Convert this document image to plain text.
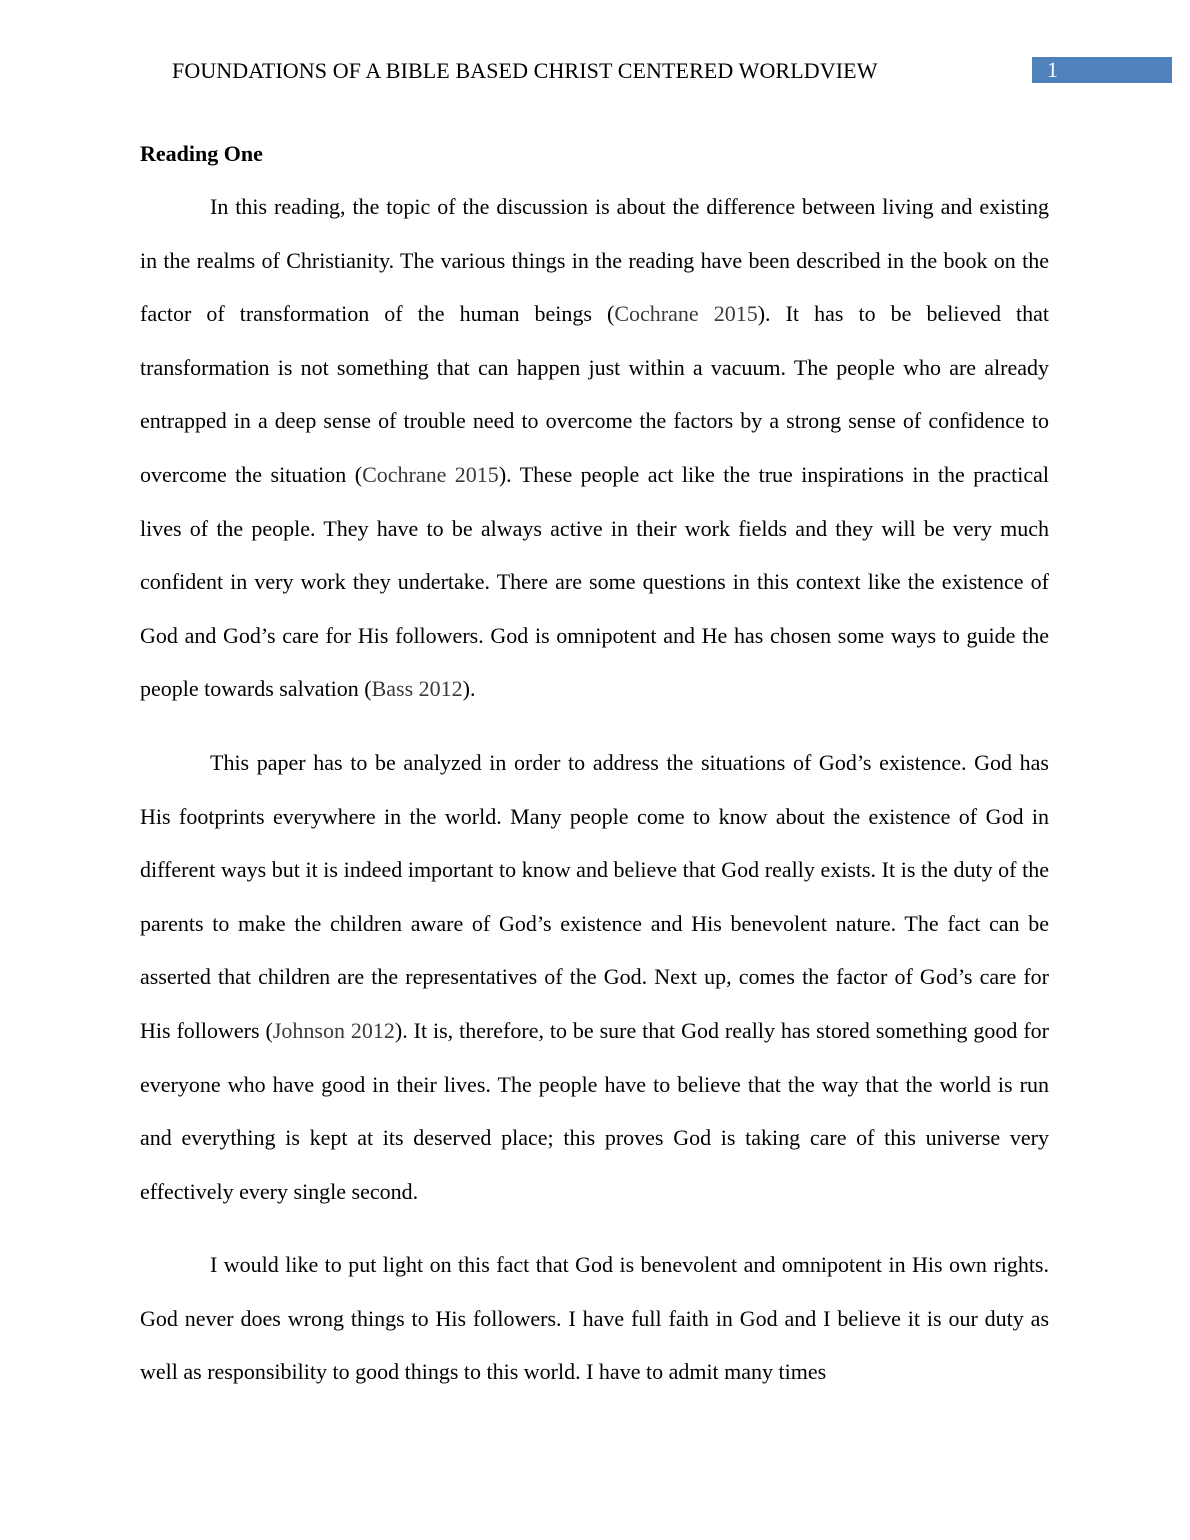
FOUNDATIONS OF A BIBLE BASED CHRIST CENTERED WORLDVIEW	1
Reading One

In this reading, the topic of the discussion is about the difference between living and existing in the realms of Christianity. The various things in the reading have been described in the book on the factor of transformation of the human beings (Cochrane 2015). It has to be believed that transformation is not something that can happen just within a vacuum. The people who are already entrapped in a deep sense of trouble need to overcome the factors by a strong sense of confidence to overcome the situation (Cochrane 2015). These people act like the true inspirations in the practical lives of the people. They have to be always active in their work fields and they will be very much confident in very work they undertake. There are some questions in this context like the existence of God and God’s care for His followers. God is omnipotent and He has chosen some ways to guide the people towards salvation (Bass 2012).

This paper has to be analyzed in order to address the situations of God’s existence. God has His footprints everywhere in the world. Many people come to know about the existence of God in different ways but it is indeed important to know and believe that God really exists. It is the duty of the parents to make the children aware of God’s existence and His benevolent nature. The fact can be asserted that children are the representatives of the God. Next up, comes the factor of God’s care for His followers (Johnson 2012). It is, therefore, to be sure that God really has stored something good for everyone who have good in their lives. The people have to believe that the way that the world is run and everything is kept at its deserved place; this proves God is taking care of this universe very effectively every single second.

I would like to put light on this fact that God is benevolent and omnipotent in His own rights. God never does wrong things to His followers. I have full faith in God and I believe it is our duty as well as responsibility to good things to this world. I have to admit many times
